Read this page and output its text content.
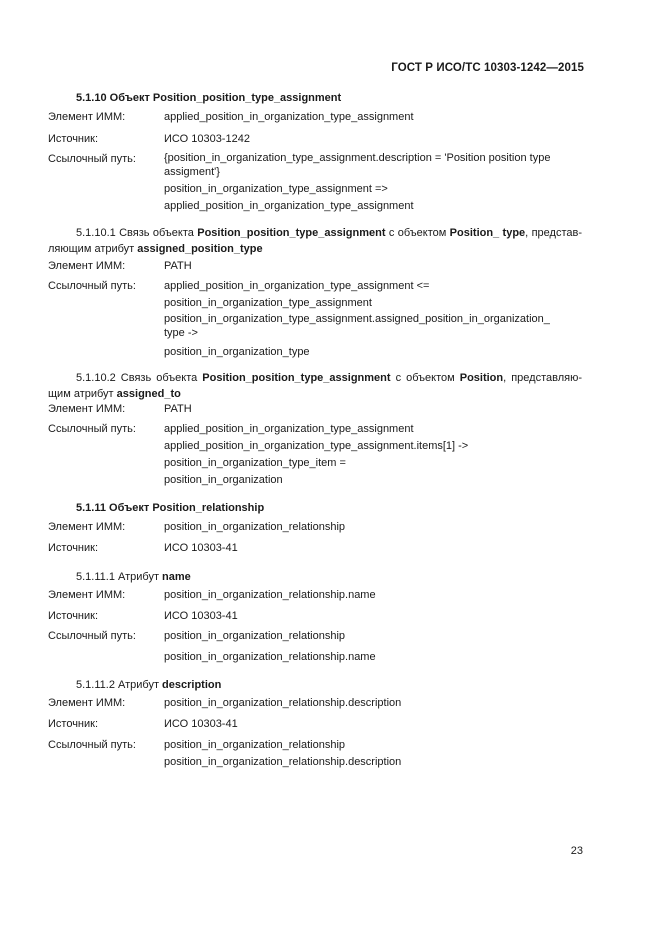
ГОСТ Р ИСО/ТС 10303-1242—2015
5.1.10 Объект Position_position_type_assignment
Элемент ИММ:	applied_position_in_organization_type_assignment
Источник:	ИСО 10303-1242
Ссылочный путь:	{position_in_organization_type_assignment.description = 'Position position type
assigment'}
position_in_organization_type_assignment =>
applied_position_in_organization_type_assignment
5.1.10.1 Связь объекта Position_position_type_assignment с объектом Position_ type, представ-ляющим атрибут assigned_position_type
Элемент ИММ:	PATH
Ссылочный путь:	applied_position_in_organization_type_assignment <=
position_in_organization_type_assignment
position_in_organization_type_assignment.assigned_position_in_organization_
type ->
position_in_organization_type
5.1.10.2 Связь объекта Position_position_type_assignment с объектом Position, представляю-щим атрибут assigned_to
Элемент ИММ:	PATH
Ссылочный путь:	applied_position_in_organization_type_assignment
applied_position_in_organization_type_assignment.items[1] ->
position_in_organization_type_item =
position_in_organization
5.1.11 Объект Position_relationship
Элемент ИММ:	position_in_organization_relationship
Источник:	ИСО 10303-41
5.1.11.1 Атрибут name
Элемент ИММ:	position_in_organization_relationship.name
Источник:	ИСО 10303-41
Ссылочный путь:	position_in_organization_relationship
position_in_organization_relationship.name
5.1.11.2 Атрибут description
Элемент ИММ:	position_in_organization_relationship.description
Источник:	ИСО 10303-41
Ссылочный путь:	position_in_organization_relationship
position_in_organization_relationship.description
23
